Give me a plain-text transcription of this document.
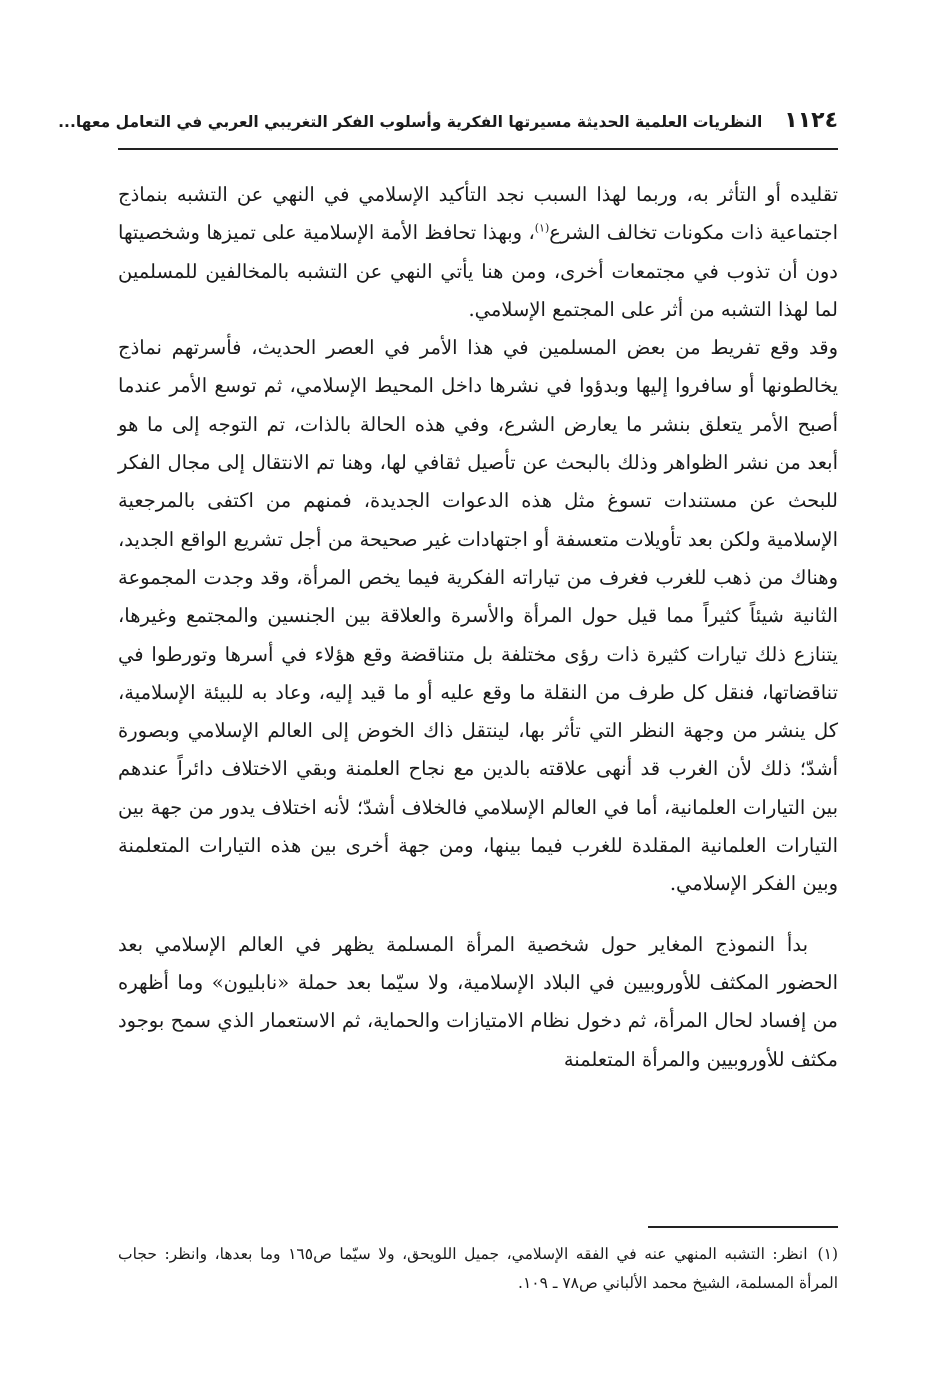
١١٢٤
النظريات العلمية الحديثة مسيرتها الفكرية وأسلوب الفكر التغريبي العربي في التعامل معها...

تقليده أو التأثر به، وربما لهذا السبب نجد التأكيد الإسلامي في النهي عن التشبه بنماذج اجتماعية ذات مكونات تخالف الشرع$^{(١)}$، وبهذا تحافظ الأمة الإسلامية على تميزها وشخصيتها دون أن تذوب في مجتمعات أخرى، ومن هنا يأتي النهي عن التشبه بالمخالفين للمسلمين لما لهذا التشبه من أثر على المجتمع الإسلامي.

وقد وقع تفريط من بعض المسلمين في هذا الأمر في العصر الحديث، فأسرتهم نماذج يخالطونها أو سافروا إليها وبدؤوا في نشرها داخل المحيط الإسلامي، ثم توسع الأمر عندما أصبح الأمر يتعلق بنشر ما يعارض الشرع، وفي هذه الحالة بالذات، تم التوجه إلى ما هو أبعد من نشر الظواهر وذلك بالبحث عن تأصيل ثقافي لها، وهنا تم الانتقال إلى مجال الفكر للبحث عن مستندات تسوغ مثل هذه الدعوات الجديدة، فمنهم من اكتفى بالمرجعية الإسلامية ولكن بعد تأويلات متعسفة أو اجتهادات غير صحيحة من أجل تشريع الواقع الجديد، وهناك من ذهب للغرب فغرف من تياراته الفكرية فيما يخص المرأة، وقد وجدت المجموعة الثانية شيئاً كثيراً مما قيل حول المرأة والأسرة والعلاقة بين الجنسين والمجتمع وغيرها، يتنازع ذلك تيارات كثيرة ذات رؤى مختلفة بل متناقضة وقع هؤلاء في أسرها وتورطوا في تناقضاتها، فنقل كل طرف من النقلة ما وقع عليه أو ما قيد إليه، وعاد به للبيئة الإسلامية، كل ينشر من وجهة النظر التي تأثر بها، لينتقل ذاك الخوض إلى العالم الإسلامي وبصورة أشدّ؛ ذلك لأن الغرب قد أنهى علاقته بالدين مع نجاح العلمنة وبقي الاختلاف دائراً عندهم بين التيارات العلمانية، أما في العالم الإسلامي فالخلاف أشدّ؛ لأنه اختلاف يدور من جهة بين التيارات العلمانية المقلدة للغرب فيما بينها، ومن جهة أخرى بين هذه التيارات المتعلمنة وبين الفكر الإسلامي.

بدأ النموذج المغاير حول شخصية المرأة المسلمة يظهر في العالم الإسلامي بعد الحضور المكثف للأوروبيين في البلاد الإسلامية، ولا سيّما بعد حملة «نابليون» وما أظهره من إفساد لحال المرأة، ثم دخول نظام الامتيازات والحماية، ثم الاستعمار الذي سمح بوجود مكثف للأوروبيين والمرأة المتعلمنة

(١)انظر: التشبه المنهي عنه في الفقه الإسلامي، جميل اللويحق، ولا سيّما ص١٦٥ وما بعدها، وانظر: حجاب المرأة المسلمة، الشيخ محمد الألباني ص٧٨ ـ ١٠٩.
